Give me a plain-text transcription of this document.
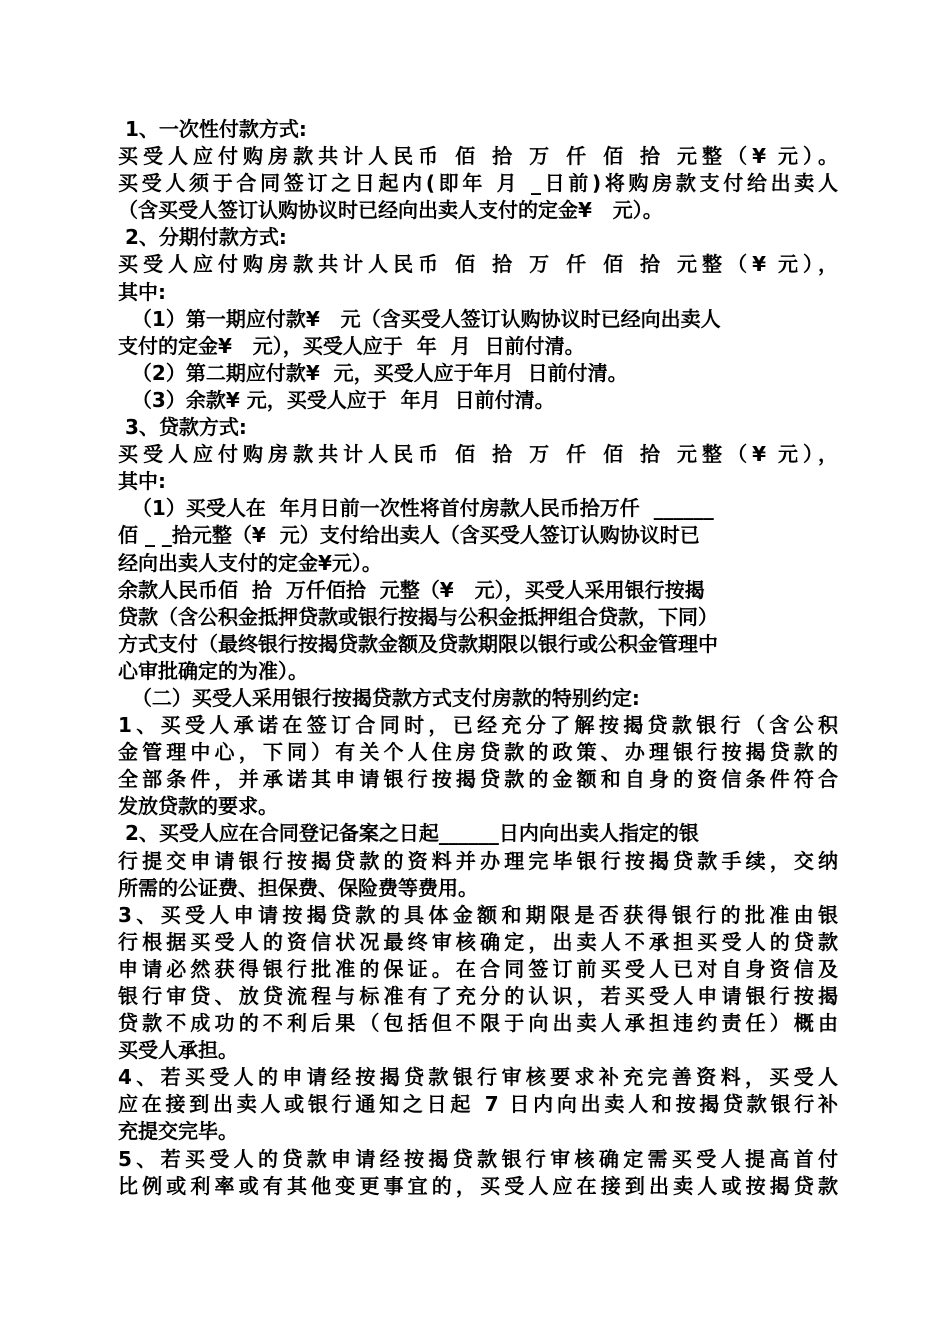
1、一次性付款方式:
买受人应付购房款共计人民币 佰 拾 万 仟 佰 拾 元整（¥ 元）。
买受人须于合同签订之日起内(即年 月 _日前)将购房款支付给出卖人
（含买受人签订认购协议时已经向出卖人支付的定金¥   元）。
2、分期付款方式:
买受人应付购房款共计人民币 佰 拾 万 仟 佰 拾 元整（¥ 元），
其中:
（1）第一期应付款¥   元（含买受人签订认购协议时已经向出卖人
支付的定金¥   元），买受人应于  年  月  日前付清。
（2）第二期应付款¥  元，买受人应于年月  日前付清。
（3）余款¥ 元，买受人应于  年月  日前付清。
3、贷款方式:
买受人应付购房款共计人民币 佰 拾 万 仟 佰 拾 元整（¥ 元），
其中:
（1）买受人在  年月日前一次性将首付房款人民币拾万仟  ______
佰 _ _拾元整（¥  元）支付给出卖人（含买受人签订认购协议时已
经向出卖人支付的定金¥元）。
余款人民币佰  拾  万仟佰拾  元整（¥   元），买受人采用银行按揭
贷款（含公积金抵押贷款或银行按揭与公积金抵押组合贷款，下同）
方式支付（最终银行按揭贷款金额及贷款期限以银行或公积金管理中
心审批确定的为准）。
（二）买受人采用银行按揭贷款方式支付房款的特别约定:
1、买受人承诺在签订合同时，已经充分了解按揭贷款银行（含公积
金管理中心，下同）有关个人住房贷款的政策、办理银行按揭贷款的
全部条件，并承诺其申请银行按揭贷款的金额和自身的资信条件符合
发放贷款的要求。
2、买受人应在合同登记备案之日起______日内向出卖人指定的银
行提交申请银行按揭贷款的资料并办理完毕银行按揭贷款手续，交纳
所需的公证费、担保费、保险费等费用。
3、买受人申请按揭贷款的具体金额和期限是否获得银行的批准由银
行根据买受人的资信状况最终审核确定，出卖人不承担买受人的贷款
申请必然获得银行批准的保证。在合同签订前买受人已对自身资信及
银行审贷、放贷流程与标准有了充分的认识，若买受人申请银行按揭
贷款不成功的不利后果（包括但不限于向出卖人承担违约责任）概由
买受人承担。
4、若买受人的申请经按揭贷款银行审核要求补充完善资料，买受人
应在接到出卖人或银行通知之日起 7 日内向出卖人和按揭贷款银行补
充提交完毕。
5、若买受人的贷款申请经按揭贷款银行审核确定需买受人提高首付
比例或利率或有其他变更事宜的，买受人应在接到出卖人或按揭贷款
